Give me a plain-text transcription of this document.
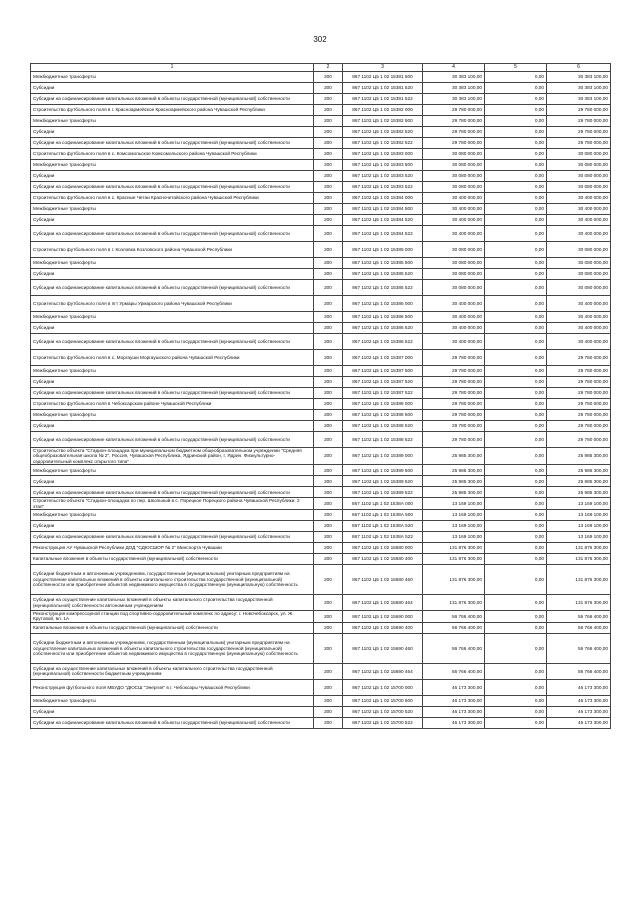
302
1	2	3	4	5	6
Межбюджетные трансферты	200	867 1102 Ц5 1 02 15381 500	30 383 100,00	0,00	30 383 100,00
Субсидии	200	867 1102 Ц5 1 02 15381 520	30 383 100,00	0,00	30 383 100,00
Субсидии на софинансирование капитальных вложений в объекты государственной (муниципальной) собственности	200	867 1102 Ц5 1 02 15381 522	30 383 100,00	0,00	30 383 100,00
Строительство футбольного поля в г. Красноармейское Красноармейского района Чувашской Республики	200	867 1102 Ц5 1 02 15382 000	29 780 000,00	0,00	29 780 000,00
Межбюджетные трансферты	200	867 1102 Ц5 1 02 15382 500	29 780 000,00	0,00	29 780 000,00
Субсидии	200	867 1102 Ц5 1 02 15382 520	29 780 000,00	0,00	29 780 000,00
Субсидии на софинансирование капитальных вложений в объекты государственной (муниципальной) собственности	200	867 1102 Ц5 1 02 15382 522	29 780 000,00	0,00	29 780 000,00
Строительство футбольного поля в с. Комсомольское Комсомольского района Чувашской Республики	200	867 1102 Ц5 1 02 15383 000	30 080 000,00	0,00	30 080 000,00
Межбюджетные трансферты	200	867 1102 Ц5 1 02 15383 500	30 080 000,00	0,00	30 080 000,00
Субсидии	200	867 1102 Ц5 1 02 15383 520	30 080 000,00	0,00	30 080 000,00
Субсидии на софинансирование капитальных вложений в объекты государственной (муниципальной) собственности	200	867 1102 Ц5 1 02 15383 522	30 080 000,00	0,00	30 080 000,00
Строительство футбольного поля в с. Красные Четаи Красночетайского района Чувашской Республики	200	867 1102 Ц5 1 02 15384 000	30 400 000,00	0,00	30 400 000,00
Межбюджетные трансферты	200	867 1102 Ц5 1 02 15384 500	30 400 000,00	0,00	30 400 000,00
Субсидии	200	867 1102 Ц5 1 02 15384 520	30 400 000,00	0,00	30 400 000,00
Субсидии на софинансирование капитальных вложений в объекты государственной (муниципальной) собственности	200	867 1102 Ц5 1 02 15384 522	30 400 000,00	0,00	30 400 000,00
Строительство футбольного поля в г. Козловка Козловского района Чувашской Республики	200	867 1102 Ц5 1 02 15385 000	30 080 000,00	0,00	30 080 000,00
Межбюджетные трансферты	200	867 1102 Ц5 1 02 15385 500	30 080 000,00	0,00	30 080 000,00
Субсидии	200	867 1102 Ц5 1 02 15385 520	30 080 000,00	0,00	30 080 000,00
Субсидии на софинансирование капитальных вложений в объекты государственной (муниципальной) собственности	200	867 1102 Ц5 1 02 15385 522	30 080 000,00	0,00	30 080 000,00
Строительство футбольного поля в пгт Урмары Урмарского района Чувашской Республики	200	867 1102 Ц5 1 02 15386 000	30 400 000,00	0,00	30 400 000,00
Межбюджетные трансферты	200	867 1102 Ц5 1 02 15386 500	30 400 000,00	0,00	30 400 000,00
Субсидии	200	867 1102 Ц5 1 02 15386 520	30 400 000,00	0,00	30 400 000,00
Субсидии на софинансирование капитальных вложений в объекты государственной (муниципальной) собственности	200	867 1102 Ц5 1 02 15386 522	30 400 000,00	0,00	30 400 000,00
Строительство футбольного поля в с. Моргауши Моргаушского района Чувашской Республики	200	867 1102 Ц5 1 02 15387 000	29 780 000,00	0,00	29 780 000,00
Межбюджетные трансферты	200	867 1102 Ц5 1 02 15387 500	29 780 000,00	0,00	29 780 000,00
Субсидии	200	867 1102 Ц5 1 02 15387 520	29 780 000,00	0,00	29 780 000,00
Субсидии на софинансирование капитальных вложений в объекты государственной (муниципальной) собственности	200	867 1102 Ц5 1 02 15387 522	29 780 000,00	0,00	29 780 000,00
Строительство футбольного поля в Чебоксарском районе Чувашской Республики	200	867 1102 Ц5 1 02 15388 000	29 780 000,00	0,00	29 780 000,00
Межбюджетные трансферты	200	867 1102 Ц5 1 02 15388 500	29 780 000,00	0,00	29 780 000,00
Субсидии	200	867 1102 Ц5 1 02 15388 520	29 780 000,00	0,00	29 780 000,00
Субсидии на софинансирование капитальных вложений в объекты государственной (муниципальной) собственности	200	867 1102 Ц5 1 02 15388 522	29 780 000,00	0,00	29 780 000,00
Строительство объекта "Стадион-площадка при муниципальном бюджетном общеобразовательном учреждении "Средняя общеобразовательная школа № 2", Россия, Чувашская Республика, Ядринский район, г. Ядрин. Физкультурно-оздоровительный комплекс открытого типа"	200	867 1102 Ц5 1 02 15389 000	25 985 300,00	0,00	25 985 300,00
Межбюджетные трансферты	200	867 1102 Ц5 1 02 15389 500	25 985 300,00	0,00	25 985 300,00
Субсидии	200	867 1102 Ц5 1 02 15389 520	25 985 300,00	0,00	25 985 300,00
Субсидии на софинансирование капитальных вложений в объекты государственной (муниципальной) собственности	200	867 1102 Ц5 1 02 15389 522	25 985 300,00	0,00	25 985 300,00
Строительство объекта "Стадион-площадка по пер. Школьный в с. Порецкое Порецкого района Чувашской Республики. 2 этап"	200	867 1102 Ц5 1 02 1538А 000	13 169 100,00	0,00	13 169 100,00
Межбюджетные трансферты	200	867 1102 Ц5 1 02 1538А 500	13 169 100,00	0,00	13 169 100,00
Субсидии	200	867 1102 Ц5 1 02 1538А 520	13 169 100,00	0,00	13 169 100,00
Субсидии на софинансирование капитальных вложений в объекты государственной (муниципальной) собственности	200	867 1102 Ц5 1 02 1538А 522	13 169 100,00	0,00	13 169 100,00
Реконструкция АУ Чувашской Республики ДОД "СДЮСШОР № 2" Минспорта Чувашии	200	867 1102 Ц5 1 02 15680 000	131 876 300,00	0,00	131 876 300,00
Капитальные вложения в объекты государственной (муниципальной) собственности	200	867 1102 Ц5 1 02 15680 400	131 876 300,00	0,00	131 876 300,00
Субсидии бюджетным и автономным учреждениям, государственным (муниципальным) унитарным предприятиям на осуществление капитальных вложений в объекты капитального строительства государственной (муниципальной) собственности или приобретение объектов недвижимого имущества в государственную (муниципальную) собственность	200	867 1102 Ц5 1 02 15680 460	131 876 300,00	0,00	131 876 300,00
Субсидии на осуществление капитальных вложений в объекты капитального строительства государственной (муниципальной) собственности автономным учреждениям	200	867 1102 Ц5 1 02 15680 464	131 876 300,00	0,00	131 876 300,00
Реконструкция компрессорной станции под спортивно-оздоровительный комплекс по адресу: г. Новочебоксарск, ул. Ж. Крутовой, вл. 1А	200	867 1102 Ц5 1 02 15690 000	56 766 400,00	0,00	56 766 400,00
Капитальные вложения в объекты государственной (муниципальной) собственности	200	867 1102 Ц5 1 02 15690 400	56 766 400,00	0,00	56 766 400,00
Субсидии бюджетным и автономным учреждениям, государственным (муниципальным) унитарным предприятиям на осуществление капитальных вложений в объекты капитального строительства государственной (муниципальной) собственности или приобретение объектов недвижимого имущества в государственную (муниципальную) собственность	200	867 1102 Ц5 1 02 15690 460	56 766 400,00	0,00	56 766 400,00
Субсидии на осуществление капитальных вложений в объекты капитального строительства государственной (муниципальной) собственности бюджетным учреждениям	200	867 1102 Ц5 1 02 15690 464	56 766 400,00	0,00	56 766 400,00
Реконструкция футбольного поля МБУДО "ДЮСШ "Энергия" в г. Чебоксары Чувашской Республики	200	867 1102 Ц5 1 02 15700 000	46 173 300,00	0,00	46 173 300,00
Межбюджетные трансферты	200	867 1102 Ц5 1 02 15700 500	46 173 300,00	0,00	46 173 300,00
Субсидии	200	867 1102 Ц5 1 02 15700 520	46 173 300,00	0,00	46 173 300,00
Субсидии на софинансирование капитальных вложений в объекты государственной (муниципальной) собственности	200	867 1102 Ц5 1 02 15700 522	46 173 300,00	0,00	46 173 300,00
